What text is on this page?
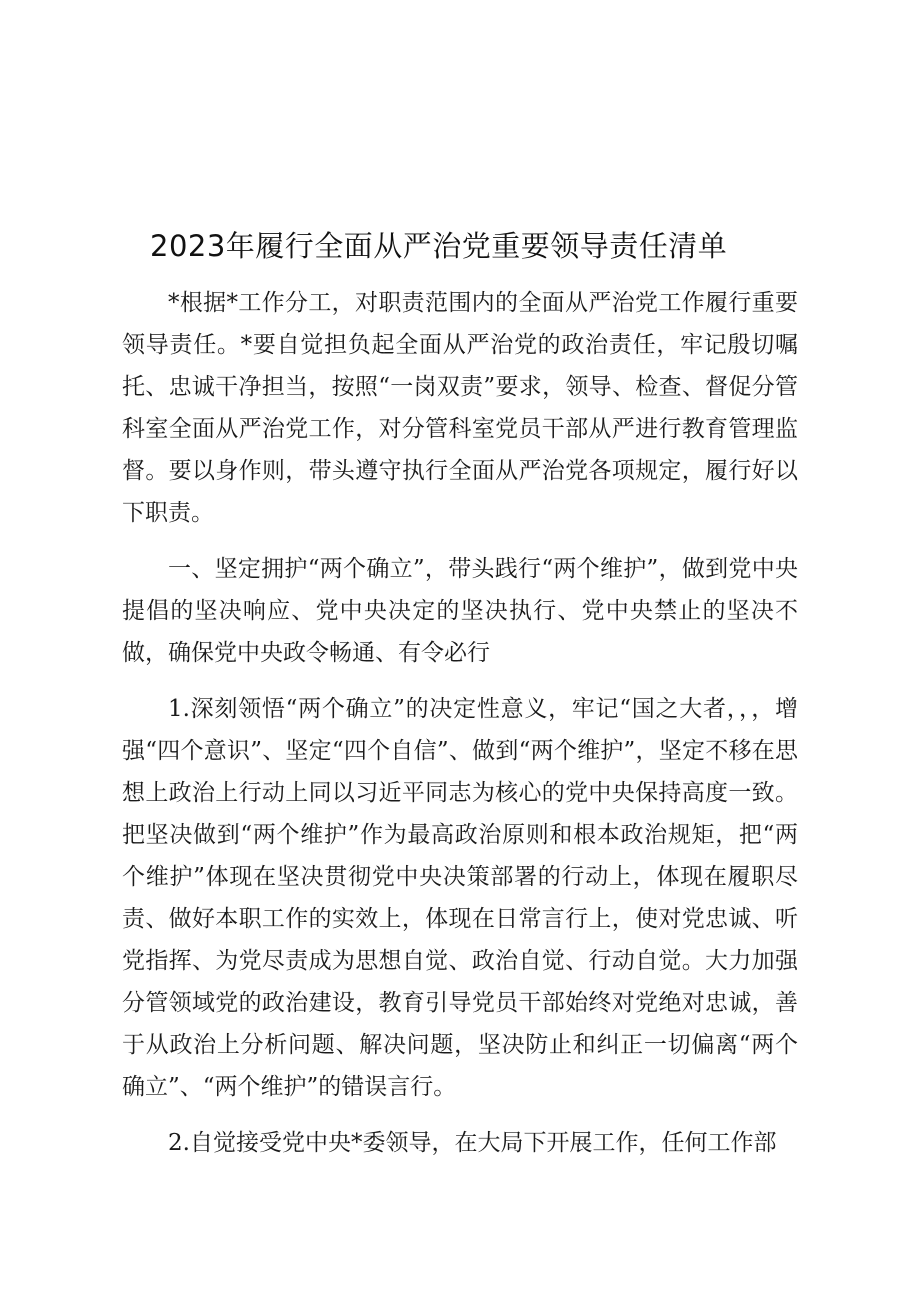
2023年履行全面从严治党重要领导责任清单

*根据*工作分工，对职责范围内的全面从严治党工作履行重要领导责任。*要自觉担负起全面从严治党的政治责任，牢记殷切嘱托、忠诚干净担当，按照“一岗双责”要求，领导、检查、督促分管科室全面从严治党工作，对分管科室党员干部从严进行教育管理监督。要以身作则，带头遵守执行全面从严治党各项规定，履行好以下职责。

一、坚定拥护“两个确立”，带头践行“两个维护”，做到党中央提倡的坚决响应、党中央决定的坚决执行、党中央禁止的坚决不做，确保党中央政令畅通、有令必行

1.深刻领悟“两个确立”的决定性意义，牢记“国之大者，，，增强“四个意识”、坚定“四个自信”、做到“两个维护”，坚定不移在思想上政治上行动上同以习近平同志为核心的党中央保持高度一致。把坚决做到“两个维护”作为最高政治原则和根本政治规矩，把“两个维护”体现在坚决贯彻党中央决策部署的行动上，体现在履职尽责、做好本职工作的实效上，体现在日常言行上，使对党忠诚、听党指挥、为党尽责成为思想自觉、政治自觉、行动自觉。大力加强分管领域党的政治建设，教育引导党员干部始终对党绝对忠诚，善于从政治上分析问题、解决问题，坚决防止和纠正一切偏离“两个确立”、“两个维护”的错误言行。

2.自觉接受党中央*委领导，在大局下开展工作，任何工作部
